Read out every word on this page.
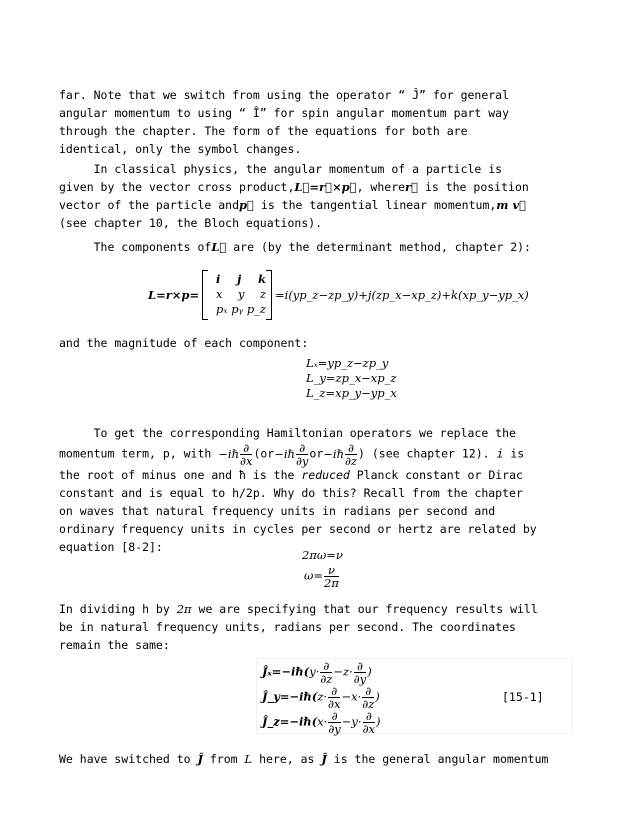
far. Note that we switch from using the operator “ Ĵ” for general
angular momentum to using “ Î” for spin angular momentum part way
through the chapter. The form of the equations for both are
identical, only the symbol changes.
In classical physics, the angular momentum of a particle is
given by the vector cross product,L⃗=r⃗×p⃗, wherer⃗ is the position
vector of the particle andp⃗ is the tangential linear momentum,m v⃗
(see chapter 10, the Bloch equations).
The components ofL⃗ are (by the determinant method, chapter 2):
L=r×p=
i j k
x y z
pₓ pᵧ p_z
=i(yp_z−zp_y)+j(zp_x−xp_z)+k(xp_y−yp_x)
and the magnitude of each component:
Lₓ=yp_z−zp_y
L_y=zp_x−xp_z
L_z=xp_y−yp_x
To get the corresponding Hamiltonian operators we replace the
momentum term, p, with −iℏ $\frac{\partial}{\partial x}$ (or−iℏ $\frac{\partial}{\partial y}$ or−iℏ $\frac{\partial}{\partial z}$ ) (see chapter 12). i is
the root of minus one and ħ is the reduced Planck constant or Dirac
constant and is equal to h/2p. Why do this? Recall from the chapter
on waves that natural frequency units in radians per second and
ordinary frequency units in cycles per second or hertz are related by
equation [8-2]:
2πω=ν
$\omega= \frac{\nu}{2\pi}$
In dividing h by 2π we are specifying that our frequency results will
be in natural frequency units, radians per second. The coordinates
remain the same:
Ĵₓ=−iℏ(y· $\frac{\partial}{\partial z} -z\cdot \frac{\partial}{\partial y}$ )
Ĵ_y=−iℏ(z· $\frac{\partial}{\partial x} -x\cdot \frac{\partial}{\partial z}$ )
Ĵ_z=−iℏ(x· $\frac{\partial}{\partial y} -y\cdot \frac{\partial}{\partial x}$ )
[15-1]
We have switched to Ĵ from L here, as Ĵ is the general angular momentum
